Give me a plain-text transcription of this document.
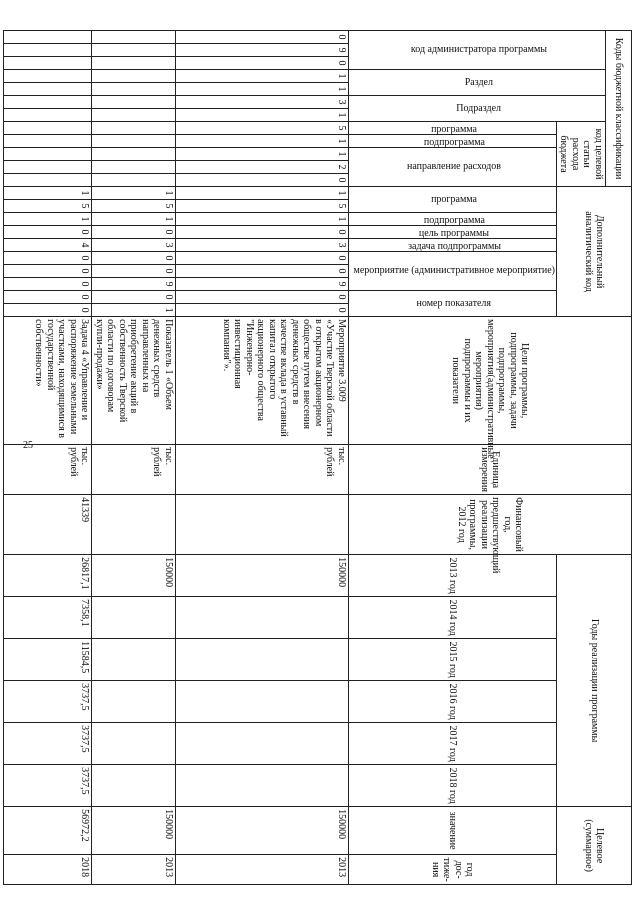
25
Коды бюджетной классификации												Дополнительный аналитический код										Цели программы, подпрограммы, задачи подпрограммы, мероприятия(административные мероприятия) подпрограммы и их показатели	Единица измерения	Финансовый год, предшествующий реализации программы, 2012 год	Годы реализации программы						Целевое (суммарное)	
код администратора программы			Раздел		Подраздел		код целевой статьи расхода бюджета																									
							программа	подпрограмма	направление расходов			программа		подпрограмма	цель программы	задача подпрограммы	мероприятие (административное мероприятие)			номер показателя					2013 год	2014 год	2015 год	2016 год	2017 год	2018 год	значение	год дос-тиже-ния
0	9	0	1	1	3	1	5	1	1	2	0	1	5	1	0	3	0	0	9	0	0	Мероприятие 3.009 «Участие Тверской области в открытом акционерном обществе путем внесения денежных средств в качестве вклада в уставный капитал открытого акционерного общества "Инженерно-инвестиционная компания"».	тыс. рублей		150000						150000	2013
												1	5	1	0	3	0	0	9	0	1	Показатель 1 «Объем денежных средств направленных на приобретение акций в собственность Тверской области по договорам купли-продажи»	тыс. рублей		150000						150000	2013
												1	5	1	0	4	0	0	0	0	0	Задача 4 «Управление и распоряжение земельными участками, находящимися в государственной собственности»	тыс. рублей	41339	26817,1	7358,1	11584,5	3737,5	3737,5	3737,5	56972,2	2018
